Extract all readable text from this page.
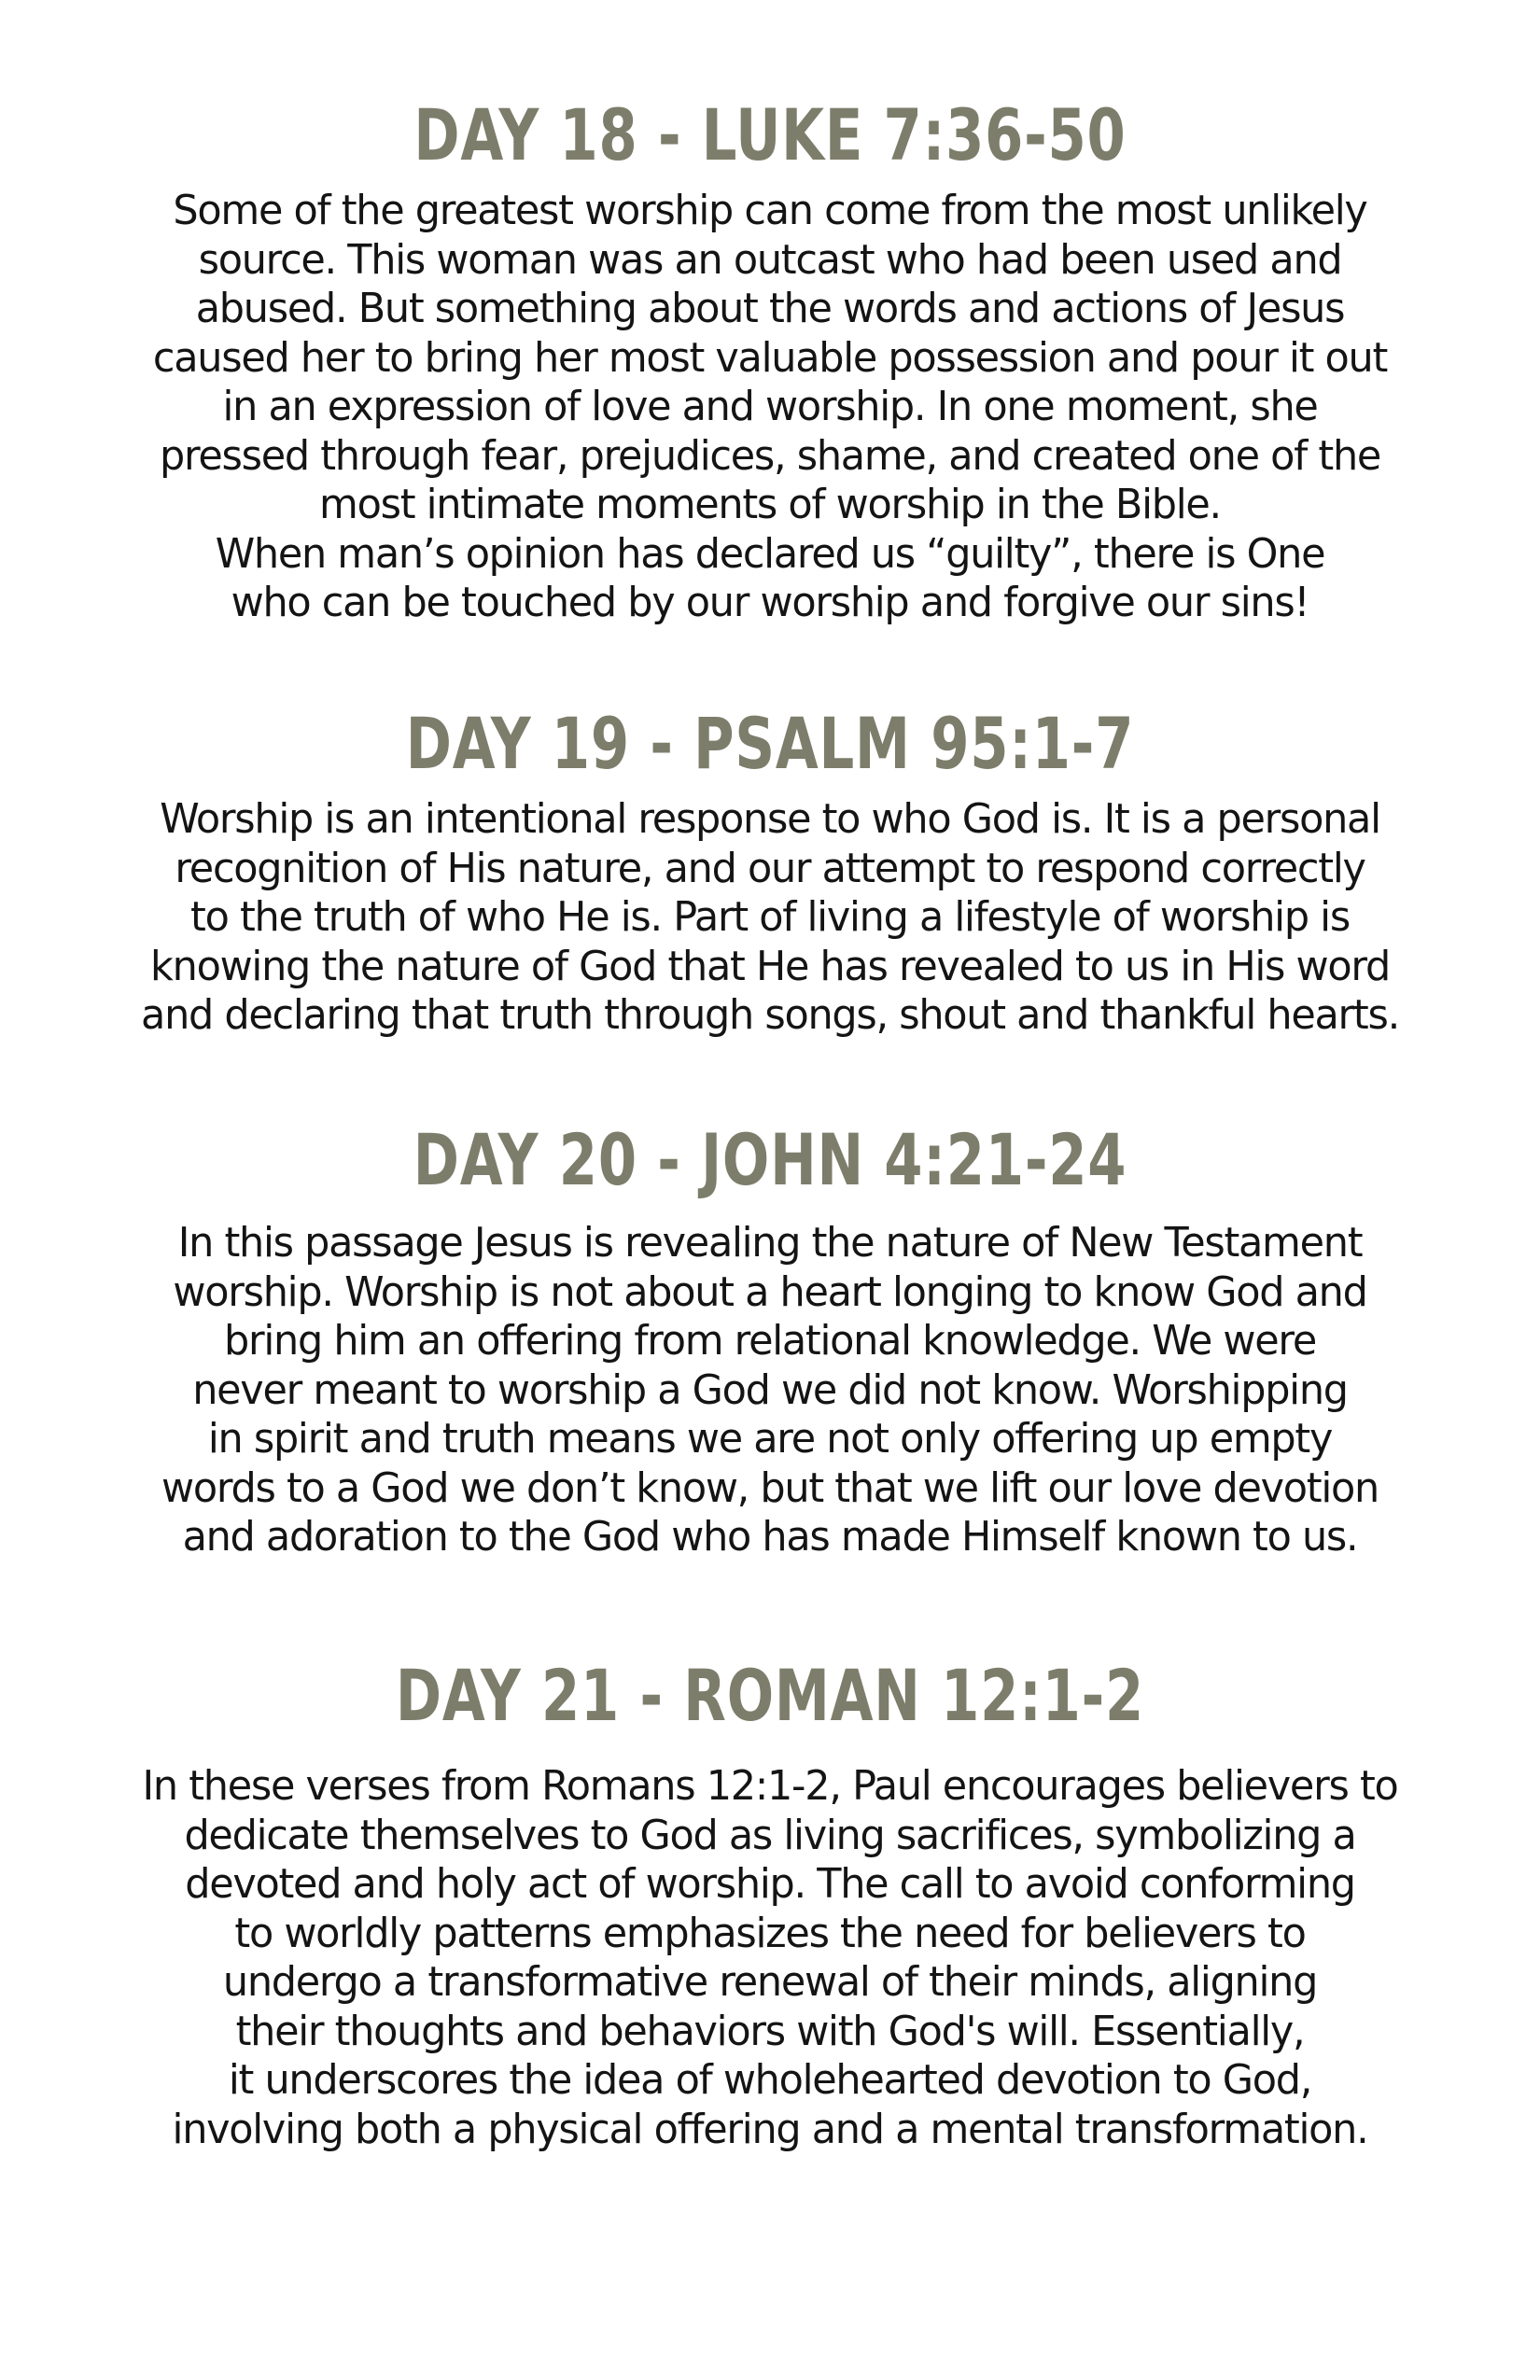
DAY 18 - LUKE 7:36-50
Some of the greatest worship can come from the most unlikely
source. This woman was an outcast who had been used and
abused. But something about the words and actions of Jesus
caused her to bring her most valuable possession and pour it out
in an expression of love and worship. In one moment, she
pressed through fear, prejudices, shame, and created one of the
most intimate moments of worship in the Bible.
When man’s opinion has declared us “guilty”, there is One
who can be touched by our worship and forgive our sins!
DAY 19 - PSALM 95:1-7
Worship is an intentional response to who God is. It is a personal
recognition of His nature, and our attempt to respond correctly
to the truth of who He is. Part of living a lifestyle of worship is
knowing the nature of God that He has revealed to us in His word
and declaring that truth through songs, shout and thankful hearts.
DAY 20 - JOHN 4:21-24
In this passage Jesus is revealing the nature of New Testament
worship. Worship is not about a heart longing to know God and
bring him an offering from relational knowledge. We were
never meant to worship a God we did not know. Worshipping
in spirit and truth means we are not only offering up empty
words to a God we don’t know, but that we lift our love devotion
and adoration to the God who has made Himself known to us.
DAY 21 - ROMAN 12:1-2
In these verses from Romans 12:1-2, Paul encourages believers to
dedicate themselves to God as living sacrifices, symbolizing a
devoted and holy act of worship. The call to avoid conforming
to worldly patterns emphasizes the need for believers to
undergo a transformative renewal of their minds, aligning
their thoughts and behaviors with God's will. Essentially,
it underscores the idea of wholehearted devotion to God,
involving both a physical offering and a mental transformation.
